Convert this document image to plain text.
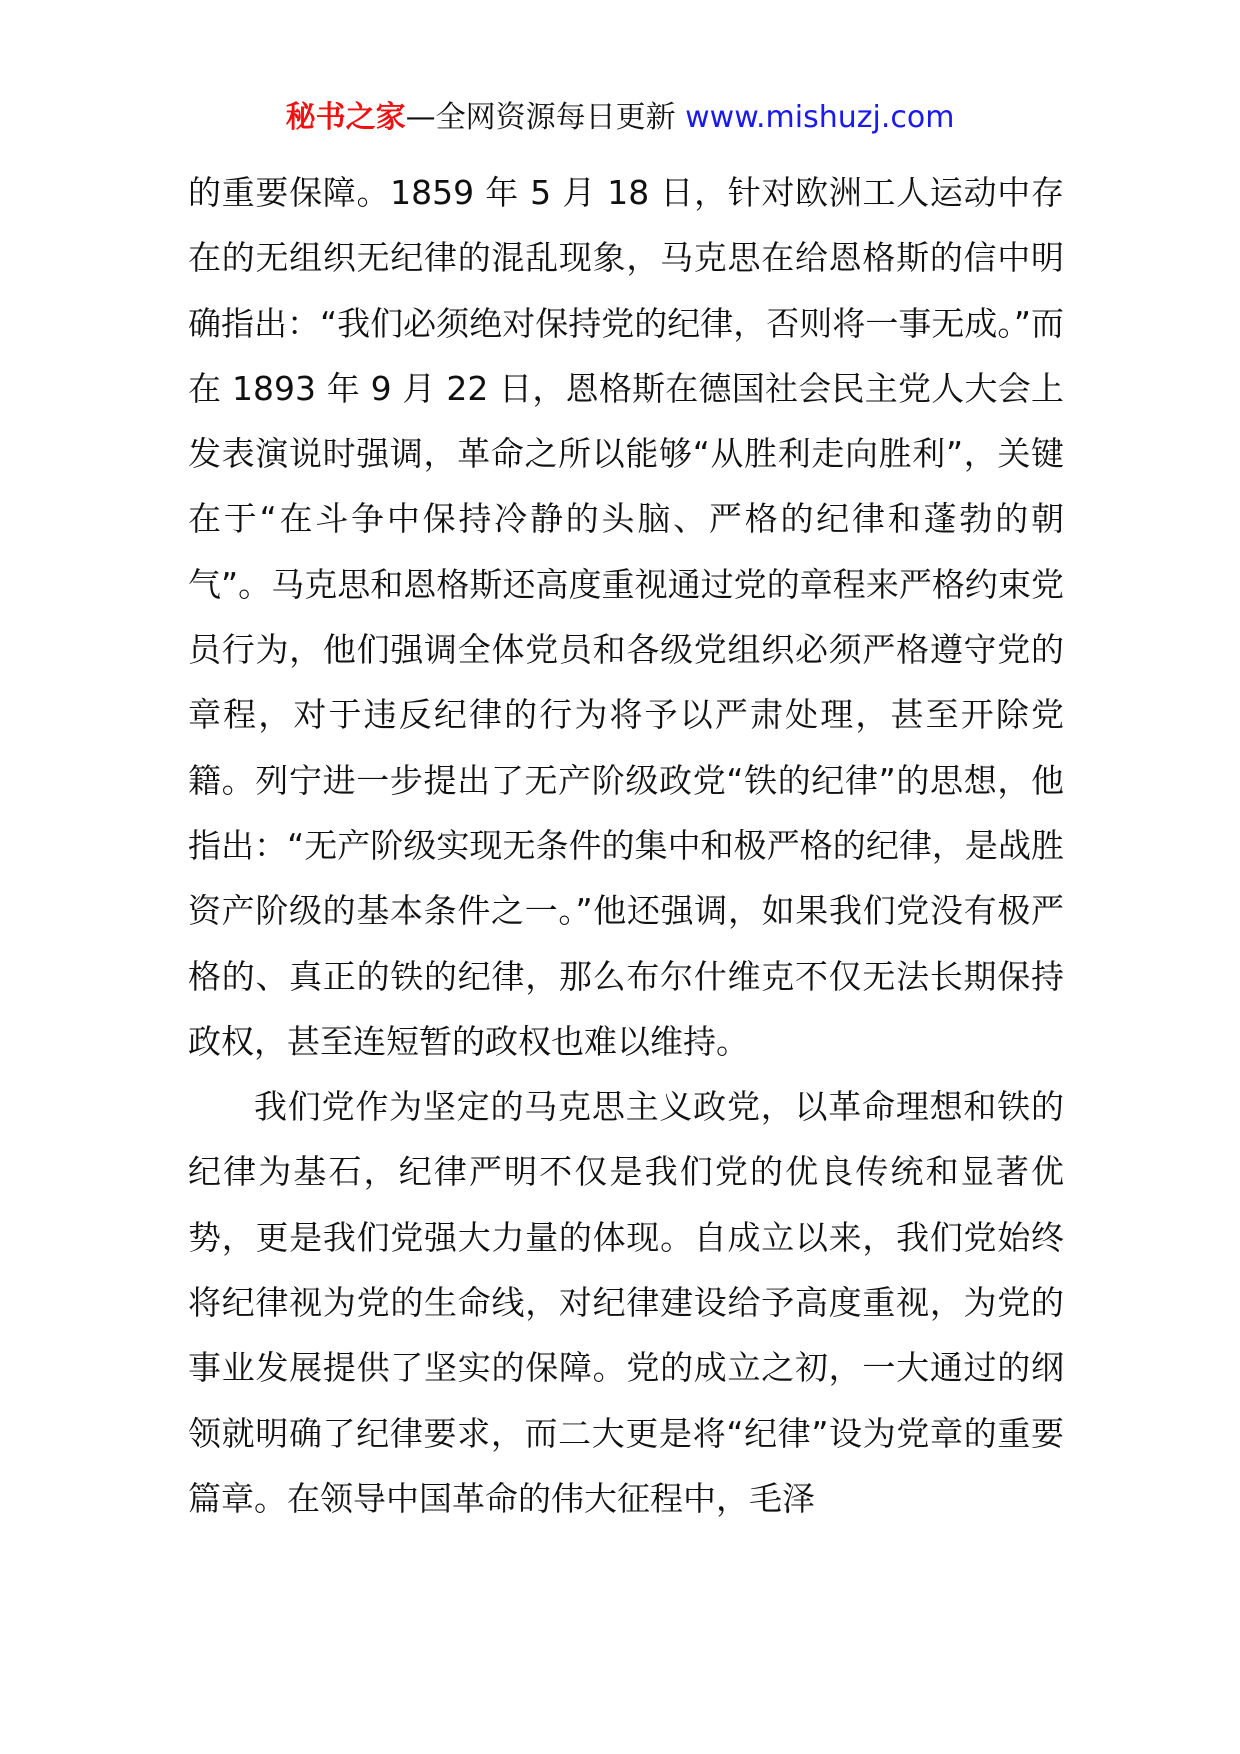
秘书之家—全网资源每日更新 www.mishuzj.com

的重要保障。1859 年 5 月 18 日，针对欧洲工人运动中存在的无组织无纪律的混乱现象，马克思在给恩格斯的信中明确指出：“我们必须绝对保持党的纪律，否则将一事无成。”而在 1893 年 9 月 22 日，恩格斯在德国社会民主党人大会上发表演说时强调，革命之所以能够“从胜利走向胜利”，关键在于“在斗争中保持冷静的头脑、严格的纪律和蓬勃的朝气”。马克思和恩格斯还高度重视通过党的章程来严格约束党员行为，他们强调全体党员和各级党组织必须严格遵守党的章程，对于违反纪律的行为将予以严肃处理，甚至开除党籍。列宁进一步提出了无产阶级政党“铁的纪律”的思想，他指出：“无产阶级实现无条件的集中和极严格的纪律，是战胜资产阶级的基本条件之一。”他还强调，如果我们党没有极严格的、真正的铁的纪律，那么布尔什维克不仅无法长期保持政权，甚至连短暂的政权也难以维持。

我们党作为坚定的马克思主义政党，以革命理想和铁的纪律为基石，纪律严明不仅是我们党的优良传统和显著优势，更是我们党强大力量的体现。自成立以来，我们党始终将纪律视为党的生命线，对纪律建设给予高度重视，为党的事业发展提供了坚实的保障。党的成立之初，一大通过的纲领就明确了纪律要求，而二大更是将“纪律”设为党章的重要篇章。在领导中国革命的伟大征程中，毛泽
